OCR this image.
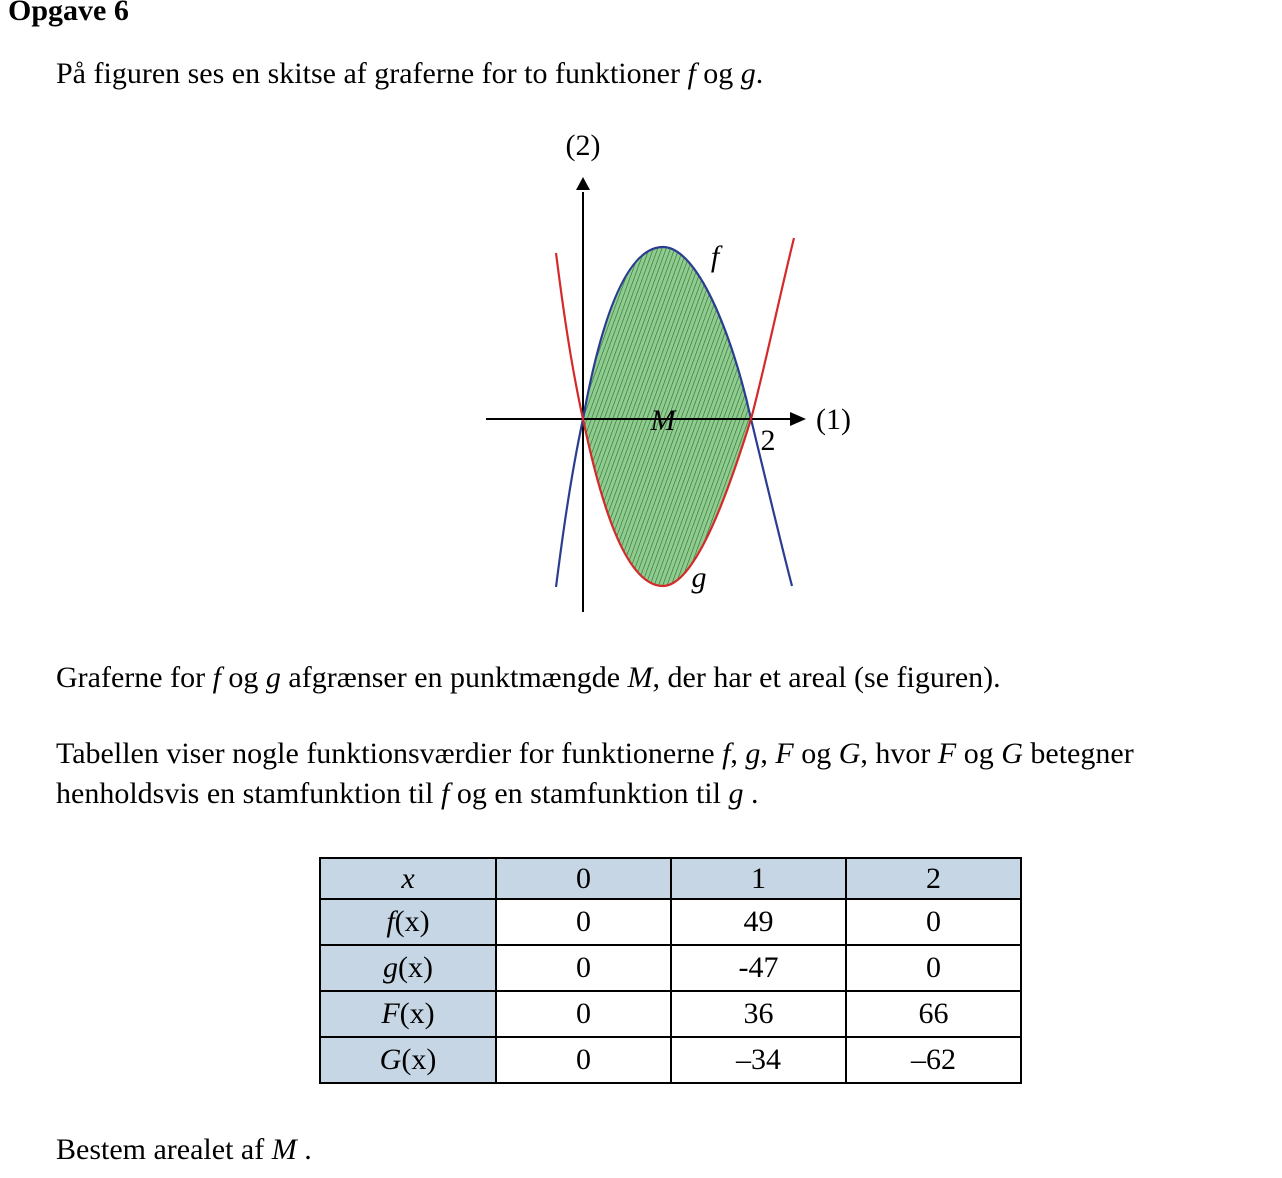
Opgave 6
På figuren ses en skitse af graferne for to funktioner f og g.
(2)
(1)
2
f
g
M
Graferne for f og g afgrænser en punktmængde M, der har et areal (se figuren).
Tabellen viser nogle funktionsværdier for funktionerne f, g, F og G, hvor F og G betegner
henholdsvis en stamfunktion til f og en stamfunktion til g .
x	0	1	2
f(x)	0	49	0
g(x)	0	-47	0
F(x)	0	36	66
G(x)	0	–34	–62
Bestem arealet af M .
